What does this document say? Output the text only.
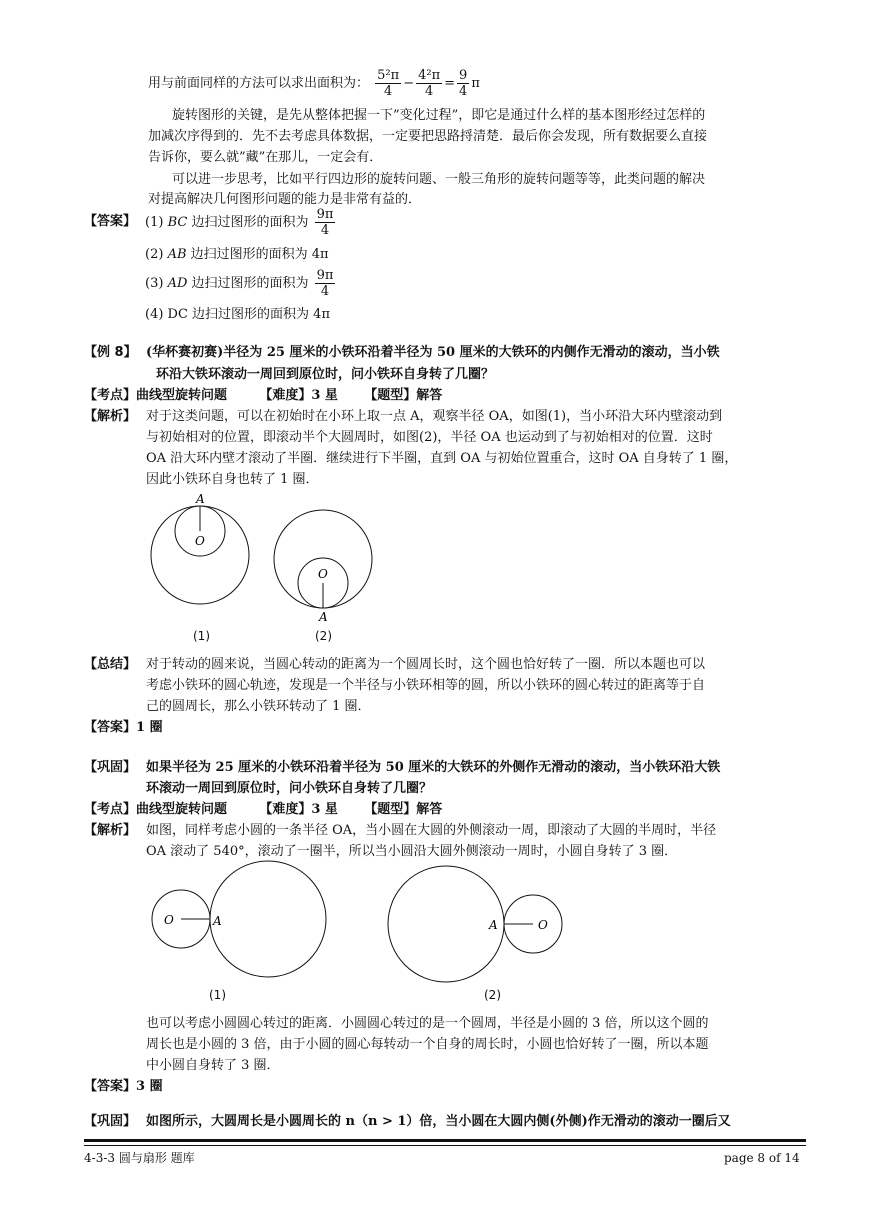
用与前面同样的方法可以求出面积为： $\frac{\text{5²π}}{4} - \frac{\text{4²π}}{4} = \frac{9}{4}$ π
旋转图形的关键，是先从整体把握一下”变化过程”，即它是通过什么样的基本图形经过怎样的
加减次序得到的．先不去考虑具体数据，一定要把思路捋清楚．最后你会发现，所有数据要么直接
告诉你，要么就”藏”在那儿，一定会有．
可以进一步思考，比如平行四边形的旋转问题、一般三角形的旋转问题等等，此类问题的解决
对提高解决几何图形问题的能力是非常有益的．
【答案】 (1) BC 边扫过图形的面积为 $\frac{9\pi}{4}$
(2) AB 边扫过图形的面积为 4π
(3) AD 边扫过图形的面积为 $\frac{9\pi}{4}$
(4) DC 边扫过图形的面积为 4π
【例 8】 (华杯赛初赛)半径为 25 厘米的小铁环沿着半径为 50 厘米的大铁环的内侧作无滑动的滚动，当小铁
环沿大铁环滚动一周回到原位时，问小铁环自身转了几圈？
【考点】曲线型旋转问题 【难度】3 星 【题型】解答
【解析】 对于这类问题，可以在初始时在小环上取一点 A，观察半径 OA，如图(1)，当小环沿大环内壁滚动到
与初始相对的位置，即滚动半个大圆周时，如图(2)，半径 OA 也运动到了与初始相对的位置．这时
OA 沿大环内壁才滚动了半圈．继续进行下半圈，直到 OA 与初始位置重合，这时 OA 自身转了 1 圈，
因此小铁环自身也转了 1 圈．
A
O
O
A
(1)	(2)
【总结】 对于转动的圆来说，当圆心转动的距离为一个圆周长时，这个圆也恰好转了一圈．所以本题也可以
考虑小铁环的圆心轨迹，发现是一个半径与小铁环相等的圆，所以小铁环的圆心转过的距离等于自
己的圆周长，那么小铁环转动了 1 圈．
【答案】1 圈
【巩固】 如果半径为 25 厘米的小铁环沿着半径为 50 厘米的大铁环的外侧作无滑动的滚动，当小铁环沿大铁
环滚动一周回到原位时，问小铁环自身转了几圈？
【考点】曲线型旋转问题 【难度】3 星 【题型】解答
【解析】 如图，同样考虑小圆的一条半径 OA，当小圆在大圆的外侧滚动一周，即滚动了大圆的半周时，半径
OA 滚动了 540°，滚动了一圈半，所以当小圆沿大圆外侧滚动一周时，小圆自身转了 3 圈．
O	A	A	O
(1)	(2)
也可以考虑小圆圆心转过的距离．小圆圆心转过的是一个圆周，半径是小圆的 3 倍，所以这个圆的
周长也是小圆的 3 倍，由于小圆的圆心每转动一个自身的周长时，小圆也恰好转了一圈，所以本题
中小圆自身转了 3 圈．
【答案】3 圈
【巩固】 如图所示，大圆周长是小圆周长的 n（n > 1）倍，当小圆在大圆内侧(外侧)作无滑动的滚动一圈后又
4-3-3 圆与扇形 题库	page 8 of 14
